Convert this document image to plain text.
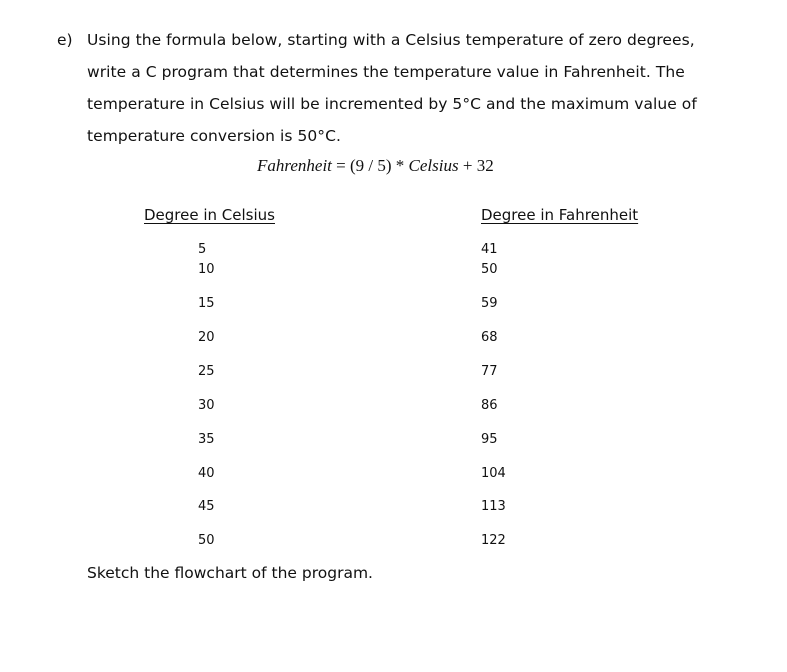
e) Using the formula below, starting with a Celsius temperature of zero degrees,
write a C program that determines the temperature value in Fahrenheit. The
temperature in Celsius will be incremented by 5°C and the maximum value of
temperature conversion is 50°C.
Fahrenheit = (9 / 5) * Celsius + 32
Degree in Celsius	Degree in Fahrenheit
5	41
10	50
15	59
20	68
25	77
30	86
35	95
40	104
45	113
50	122
Sketch the flowchart of the program.
